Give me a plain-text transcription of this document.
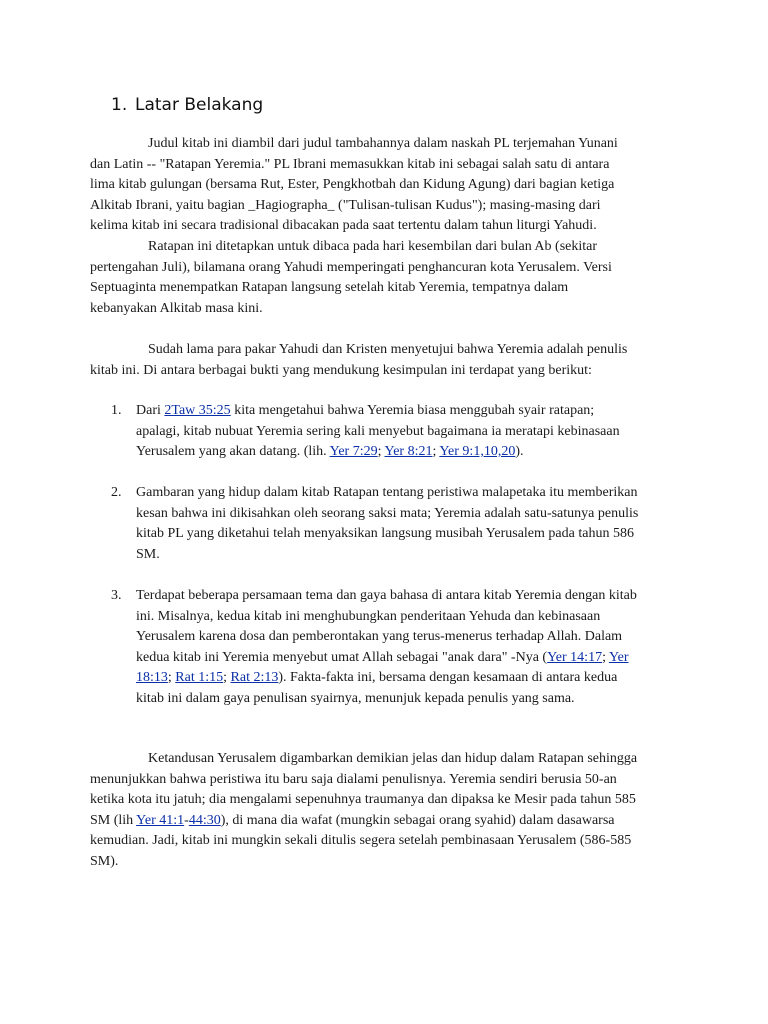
1. Latar Belakang
Judul kitab ini diambil dari judul tambahannya dalam naskah PL terjemahan Yunani
dan Latin -- "Ratapan Yeremia." PL Ibrani memasukkan kitab ini sebagai salah satu di antara
lima kitab gulungan (bersama Rut, Ester, Pengkhotbah dan Kidung Agung) dari bagian ketiga
Alkitab Ibrani, yaitu bagian _Hagiographa_ ("Tulisan-tulisan Kudus"); masing-masing dari
kelima kitab ini secara tradisional dibacakan pada saat tertentu dalam tahun liturgi Yahudi.
Ratapan ini ditetapkan untuk dibaca pada hari kesembilan dari bulan Ab (sekitar
pertengahan Juli), bilamana orang Yahudi memperingati penghancuran kota Yerusalem. Versi
Septuaginta menempatkan Ratapan langsung setelah kitab Yeremia, tempatnya dalam
kebanyakan Alkitab masa kini.
Sudah lama para pakar Yahudi dan Kristen menyetujui bahwa Yeremia adalah penulis
kitab ini. Di antara berbagai bukti yang mendukung kesimpulan ini terdapat yang berikut:
1. Dari 2Taw 35:25 kita mengetahui bahwa Yeremia biasa menggubah syair ratapan;
apalagi, kitab nubuat Yeremia sering kali menyebut bagaimana ia meratapi kebinasaan
Yerusalem yang akan datang. (lih. Yer 7:29; Yer 8:21; Yer 9:1,10,20).
2. Gambaran yang hidup dalam kitab Ratapan tentang peristiwa malapetaka itu memberikan
kesan bahwa ini dikisahkan oleh seorang saksi mata; Yeremia adalah satu-satunya penulis
kitab PL yang diketahui telah menyaksikan langsung musibah Yerusalem pada tahun 586
SM.
3. Terdapat beberapa persamaan tema dan gaya bahasa di antara kitab Yeremia dengan kitab
ini. Misalnya, kedua kitab ini menghubungkan penderitaan Yehuda dan kebinasaan
Yerusalem karena dosa dan pemberontakan yang terus-menerus terhadap Allah. Dalam
kedua kitab ini Yeremia menyebut umat Allah sebagai "anak dara" -Nya (Yer 14:17; Yer
18:13; Rat 1:15; Rat 2:13). Fakta-fakta ini, bersama dengan kesamaan di antara kedua
kitab ini dalam gaya penulisan syairnya, menunjuk kepada penulis yang sama.
Ketandusan Yerusalem digambarkan demikian jelas dan hidup dalam Ratapan sehingga
menunjukkan bahwa peristiwa itu baru saja dialami penulisnya. Yeremia sendiri berusia 50-an
ketika kota itu jatuh; dia mengalami sepenuhnya traumanya dan dipaksa ke Mesir pada tahun 585
SM (lih Yer 41:1-44:30), di mana dia wafat (mungkin sebagai orang syahid) dalam dasawarsa
kemudian. Jadi, kitab ini mungkin sekali ditulis segera setelah pembinasaan Yerusalem (586-585
SM).
